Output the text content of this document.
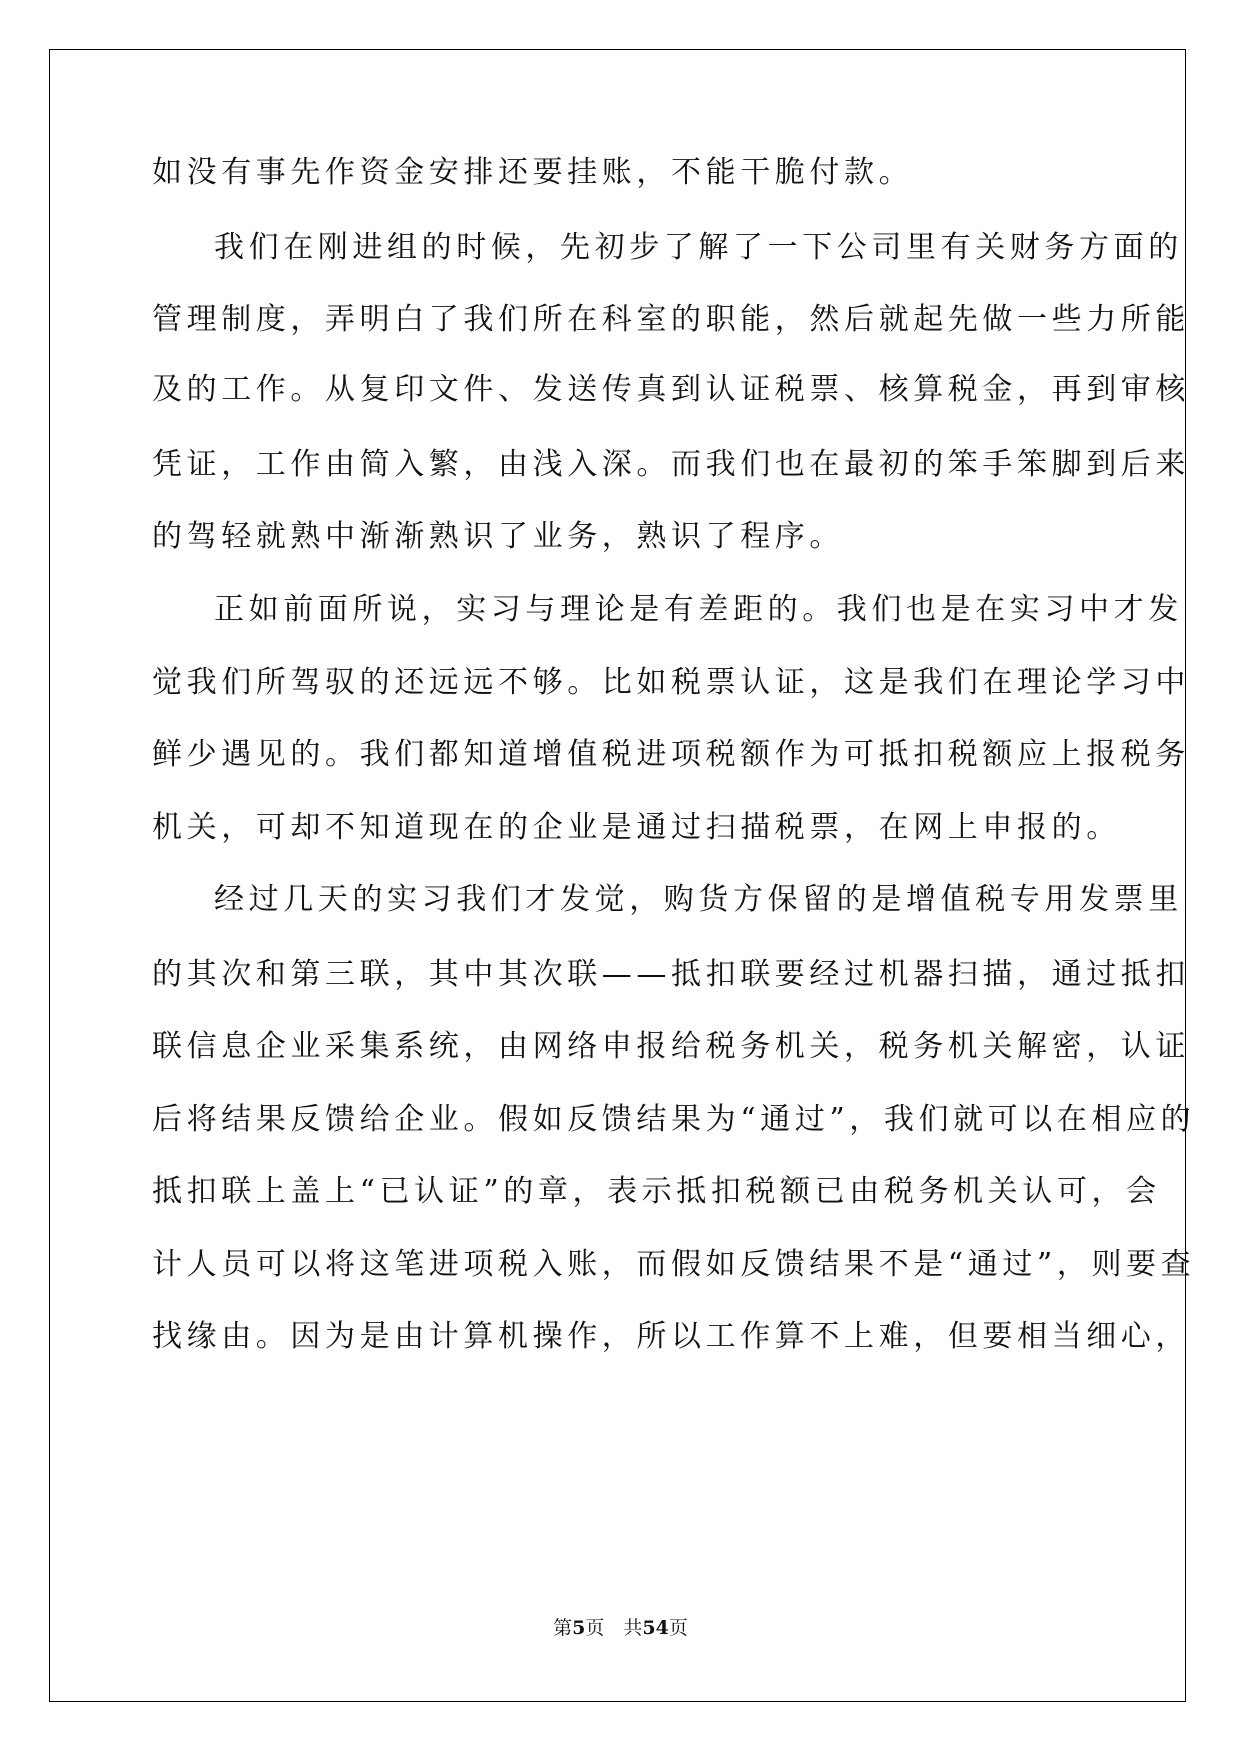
如没有事先作资金安排还要挂账，不能干脆付款。
我们在刚进组的时候，先初步了解了一下公司里有关财务方面的
管理制度，弄明白了我们所在科室的职能，然后就起先做一些力所能
及的工作。从复印文件、发送传真到认证税票、核算税金，再到审核
凭证，工作由简入繁，由浅入深。而我们也在最初的笨手笨脚到后来
的驾轻就熟中渐渐熟识了业务，熟识了程序。
正如前面所说，实习与理论是有差距的。我们也是在实习中才发
觉我们所驾驭的还远远不够。比如税票认证，这是我们在理论学习中
鲜少遇见的。我们都知道增值税进项税额作为可抵扣税额应上报税务
机关，可却不知道现在的企业是通过扫描税票，在网上申报的。
经过几天的实习我们才发觉，购货方保留的是增值税专用发票里
的其次和第三联，其中其次联——抵扣联要经过机器扫描，通过抵扣
联信息企业采集系统，由网络申报给税务机关，税务机关解密，认证
后将结果反馈给企业。假如反馈结果为“通过”，我们就可以在相应的
抵扣联上盖上“已认证”的章，表示抵扣税额已由税务机关认可，会
计人员可以将这笔进项税入账，而假如反馈结果不是“通过”，则要查
找缘由。因为是由计算机操作，所以工作算不上难，但要相当细心，
第5页　共54页
